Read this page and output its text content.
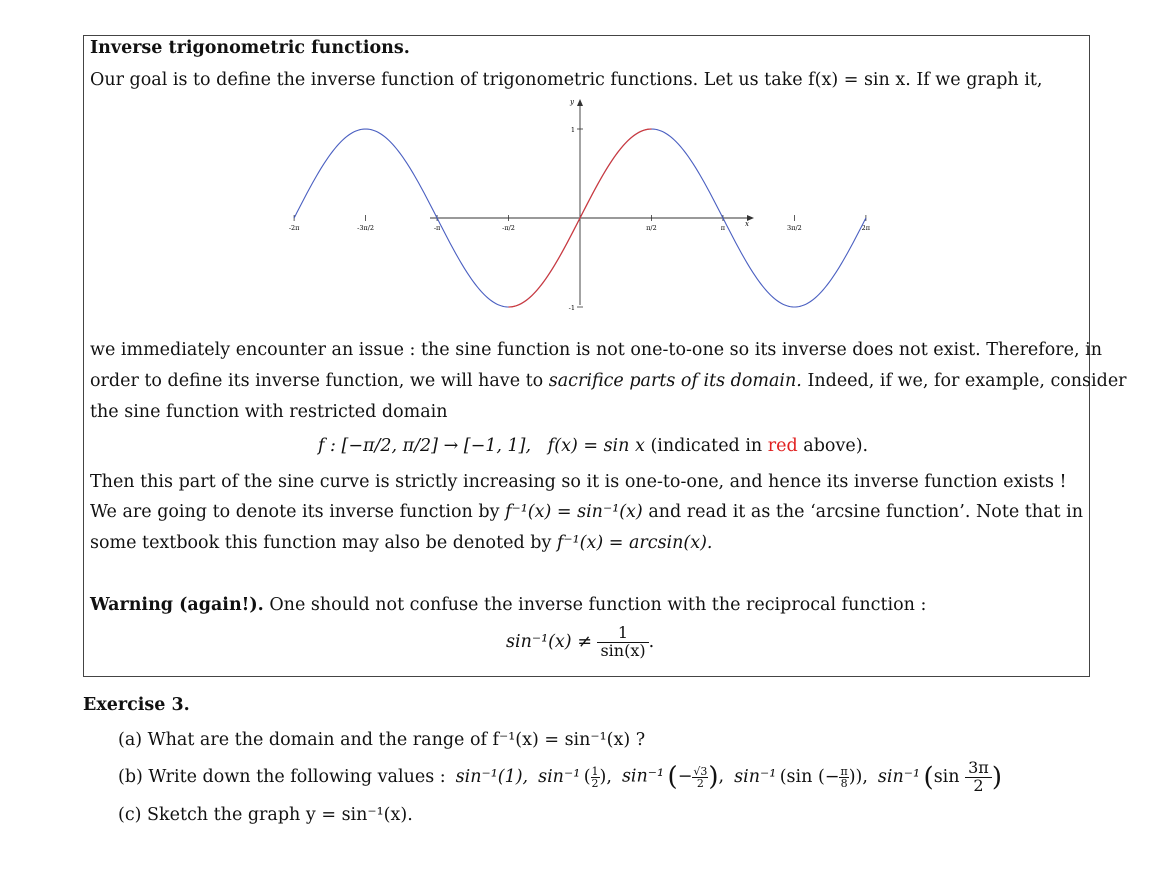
Inverse trigonometric functions.
Our goal is to define the inverse function of trigonometric functions. Let us take f(x) = sin x. If we graph it,
x
y
-2π	-3π/2	-π	-π/2	π/2	π	3π/2	2π
1
-1
we immediately encounter an issue : the sine function is not one-to-one so its inverse does not exist. Therefore, in
order to define its inverse function, we will have to sacrifice parts of its domain. Indeed, if we, for example, consider
the sine function with restricted domain
f : [−π/2, π/2] → [−1, 1], f(x) = sin x (indicated in red above).
Then this part of the sine curve is strictly increasing so it is one-to-one, and hence its inverse function exists !
We are going to denote its inverse function by f⁻¹(x) = sin⁻¹(x) and read it as the ‘arcsine function’. Note that in
some textbook this function may also be denoted by f⁻¹(x) = arcsin(x).
Warning (again!). One should not confuse the inverse function with the reciprocal function :
$\sin^{-1}(x) \ne \frac{1}{\sin(x)}$ .
Exercise 3.
(a) What are the domain and the range of f⁻¹(x) = sin⁻¹(x) ?
(b) Write down the following values : sin⁻¹(1), sin⁻¹ ( $\frac{1}{2}$ ), sin⁻¹  (− $\frac{√3}{2}$ ), sin⁻¹ (sin (− $\frac{\pi}{8}$ )), sin⁻¹  ($\sin \frac{3\pi}{2}$ )
(c) Sketch the graph y = sin⁻¹(x).
